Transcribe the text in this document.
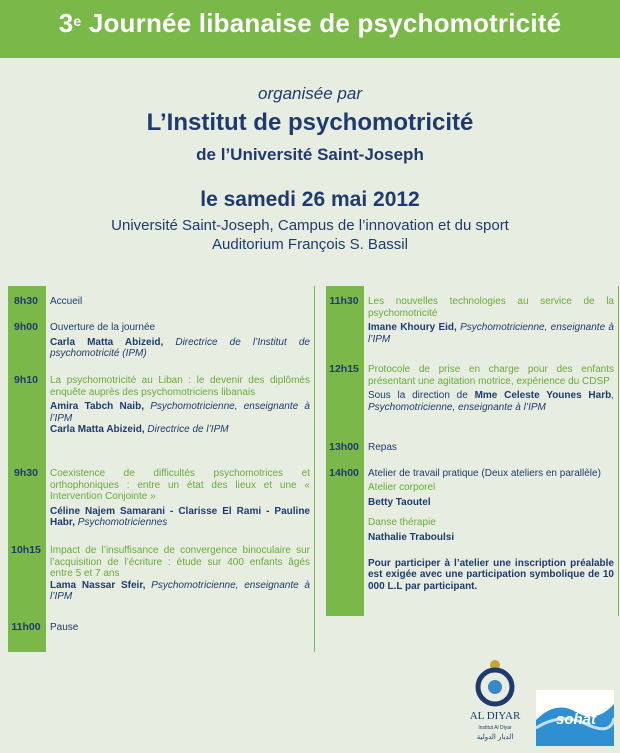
3e Journée libanaise de psychomotricité
organisée par
L’Institut de psychomotricité
de l’Université Saint-Joseph
le samedi 26 mai 2012
Université Saint-Joseph, Campus de l’innovation et du sport
Auditorium François S. Bassil
8h30	Accueil
9h00	Ouverture de la journée
Carla Matta Abizeid, Directrice de l’Institut de psychomotricité (IPM)
9h10	La psychomotricité au Liban : le devenir des diplômés enquête auprès des psychomotriciens libanais
Amira Tabch Naib, Psychomotricienne, enseignante à l’IPM
Carla Matta Abizeid, Directrice de l’IPM
9h30	Coexistence de difficultés psychomotrices et orthophoniques : entre un état des lieux et une « Intervention Conjointe »
Céline Najem Samarani - Clarisse El Rami - Pauline Habr, Psychomotriciennes
10h15 Impact de l’insuffisance de convergence binoculaire sur l’acquisition de l’écriture : étude sur 400 enfants âgés entre 5 et 7 ans
Lama Nassar Sfeir, Psychomotricienne, enseignante à l’IPM
11h00 Pause
11h30 Les nouvelles technologies au service de la psychomotricité
Imane Khoury Eid, Psychomotricienne, enseignante à l’IPM
12h15 Protocole de prise en charge pour des enfants présentant une agitation motrice, expérience du CDSP
Sous la direction de Mme Celeste Younes Harb, Psychomotricienne, enseignante à l’IPM
13h00 Repas
14h00 Atelier de travail pratique (Deux ateliers en parallèle)
Atelier corporel
Betty Taoutel
Danse thérapie
Nathalie Traboulsi
Pour participer à l’atelier une inscription préalable est exigée avec une participation symbolique de 10 000 L.L par participant.
AL DIYAR
Institut Al Diyar
الديار الدولية
sohat
